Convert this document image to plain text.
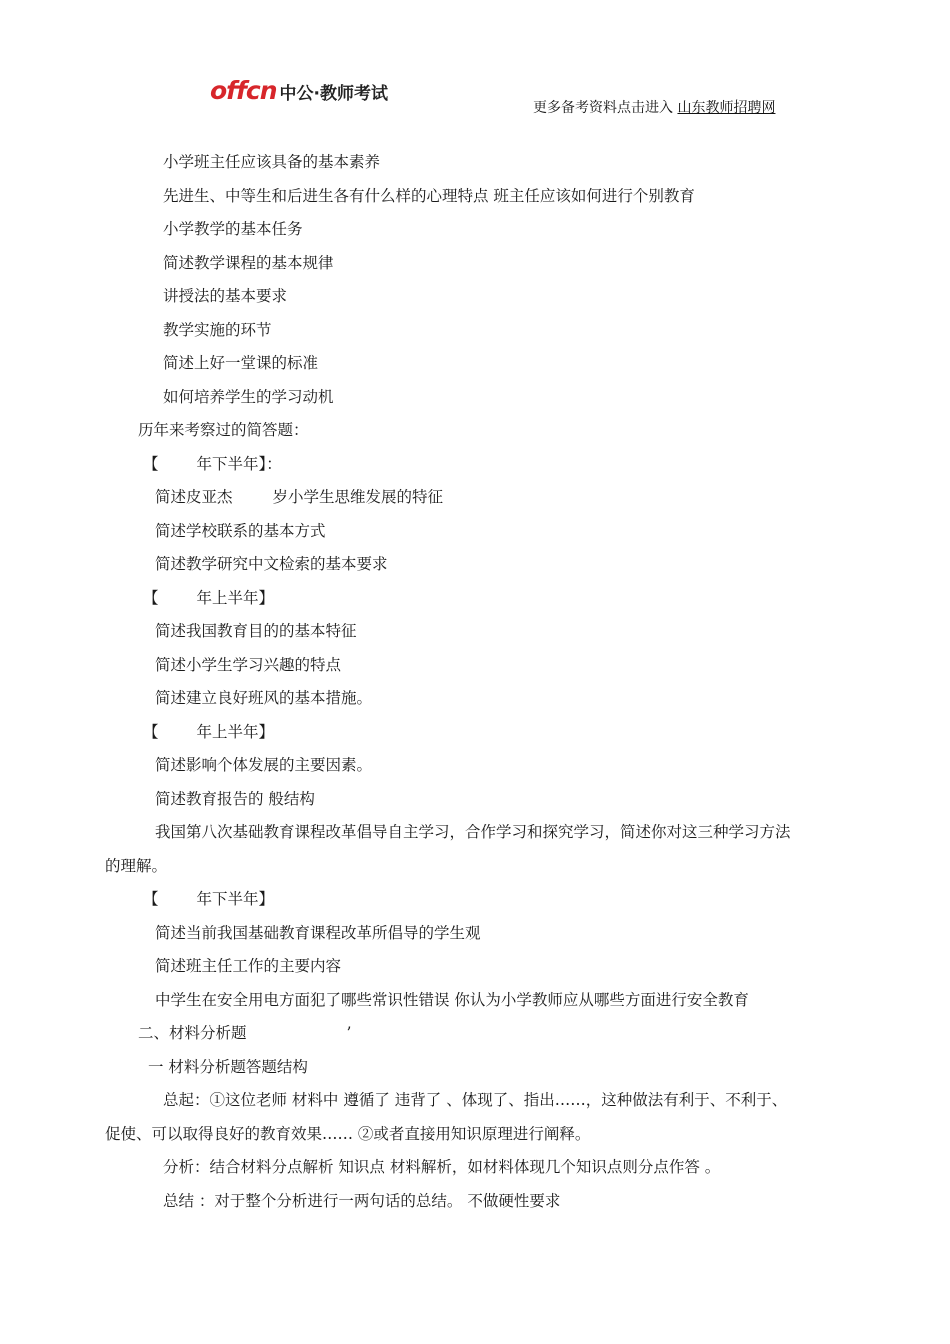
offcn 中公·教师考试
更多备考资料点击进入 山东教师招聘网
小学班主任应该具备的基本素养
先进生、中等生和后进生各有什么样的心理特点 班主任应该如何进行个别教育
小学教学的基本任务
简述教学课程的基本规律
讲授法的基本要求
教学实施的环节
简述上好一堂课的标准
如何培养学生的学习动机
历年来考察过的简答题：
【 年下半年】：
简述皮亚杰	岁小学生思维发展的特征
简述学校联系的基本方式
简述教学研究中文检索的基本要求
【 年上半年】
简述我国教育目的的基本特征
简述小学生学习兴趣的特点
简述建立良好班风的基本措施。
【 年上半年】
简述影响个体发展的主要因素。
简述教育报告的 般结构
我国第八次基础教育课程改革倡导自主学习，合作学习和探究学习，简述你对这三种学习方法
的理解。
【 年下半年】
简述当前我国基础教育课程改革所倡导的学生观
简述班主任工作的主要内容
中学生在安全用电方面犯了哪些常识性错误 你认为小学教师应从哪些方面进行安全教育
二、材料分析题	’
一 材料分析题答题结构
总起：①这位老师 材料中 遵循了 违背了 、体现了、指出……，这种做法有利于、不利于、
促使、可以取得良好的教育效果…… ②或者直接用知识原理进行阐释。
分析：结合材料分点解析 知识点 材料解析，如材料体现几个知识点则分点作答 。
总结 ：对于整个分析进行一两句话的总结。 不做硬性要求
